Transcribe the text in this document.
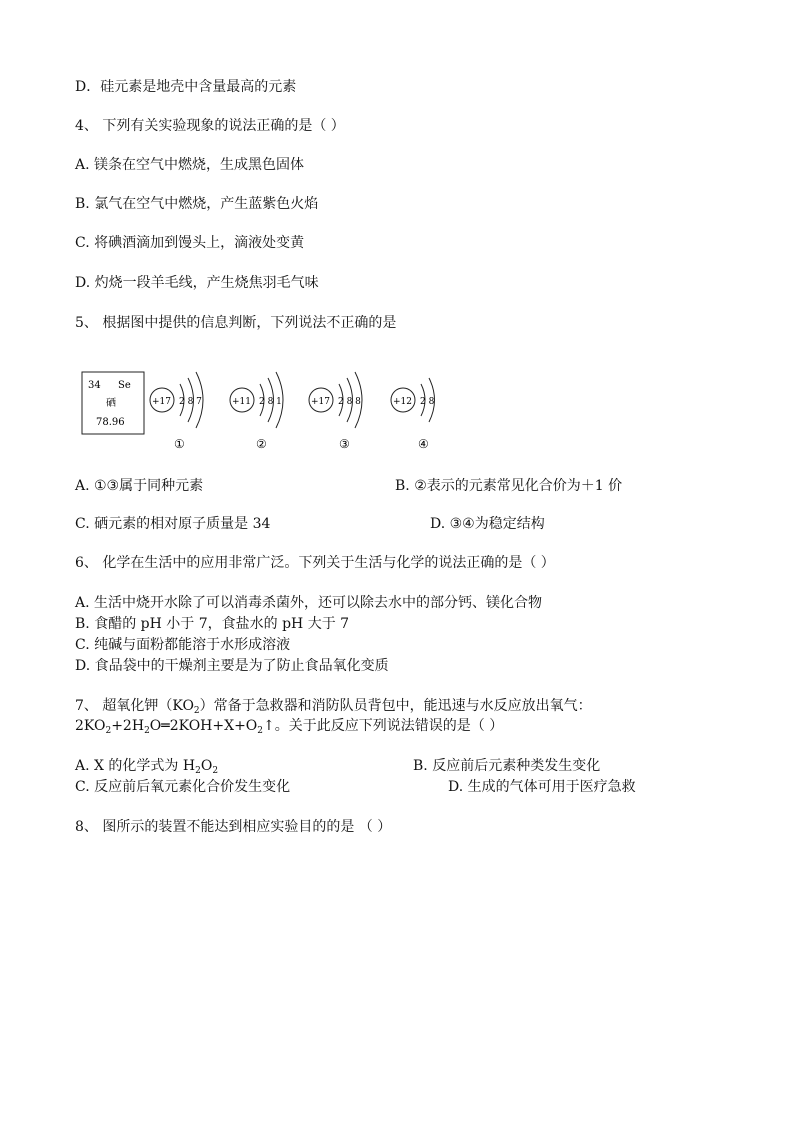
D．硅元素是地壳中含量最高的元素
4、 下列有关实验现象的说法正确的是（ ）
A. 镁条在空气中燃烧，生成黑色固体
B. 氯气在空气中燃烧，产生蓝紫色火焰
C. 将碘酒滴加到馒头上，滴液处变黄
D. 灼烧一段羊毛线，产生烧焦羽毛气味
5、 根据图中提供的信息判断，下列说法不正确的是
34 Se
硒
78.96
+17 2 8 7
①
+11 2 8 1
②
+17 2 8 8
③
+12 2 8
④
A. ①③属于同种元素	B. ②表示的元素常见化合价为＋1 价
C. 硒元素的相对原子质量是 34	D. ③④为稳定结构
6、 化学在生活中的应用非常广泛。下列关于生活与化学的说法正确的是（ ）
A. 生活中烧开水除了可以消毒杀菌外，还可以除去水中的部分钙、镁化合物
B. 食醋的 pH 小于 7，食盐水的 pH 大于 7
C. 纯碱与面粉都能溶于水形成溶液
D. 食品袋中的干燥剂主要是为了防止食品氧化变质
7、 超氧化钾$(KO_2)$常备于急救器和消防队员背包中，能迅速与水反应放出氧气：
$2KO_2+2H_2O═2KOH+X+O_2↑$。关于此反应下列说法错误的是（ ）
A. X 的化学式为 $H_2O_2$	B. 反应前后元素种类发生变化
C. 反应前后氧元素化合价发生变化	D. 生成的气体可用于医疗急救
8、 图所示的装置不能达到相应实验目的的是 （ ）
